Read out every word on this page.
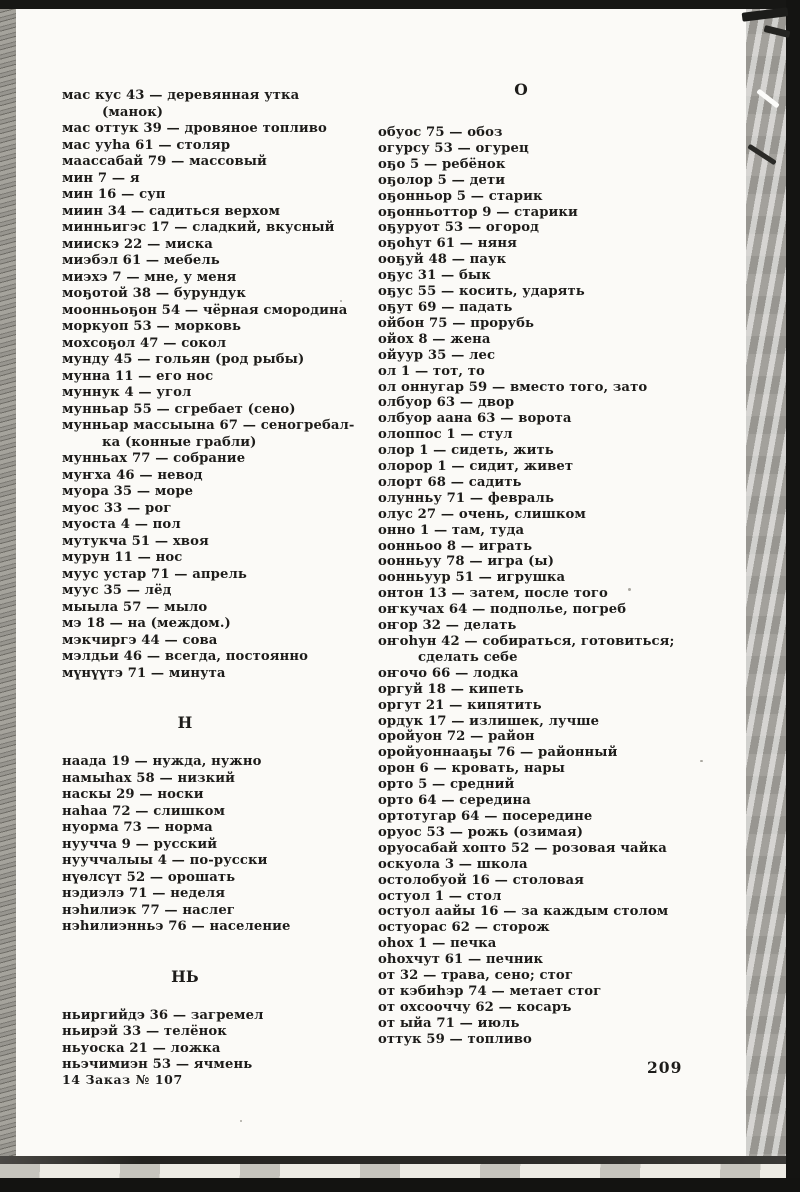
мас кус 43 — деревянная утка
(манок)
мас оттук 39 — дровяное топливо
мас ууһа 61 — столяр
маассабай 79 — массовый
мин 7 — я
мин 16 — суп
миин 34 — садиться верхом
минньигэс 17 — сладкий, вкусный
миискэ 22 — миска
миэбэл 61 — мебель
миэхэ 7 — мне, у меня
моҕотой 38 — бурундук
моонньоҕон 54 — чёрная смородина
моркуоп 53 — морковь
мохсоҕол 47 — сокол
мунду 45 — гольян (род рыбы)
мунна 11 — его нос
муннук 4 — угол
мунньар 55 — сгребает (сено)
мунньар массыына 67 — сеногребал-
ка (конные грабли)
мунньах 77 — собрание
муҥха 46 — невод
муора 35 — море
муос 33 — рог
муоста 4 — пол
мутукча 51 — хвоя
мурун 11 — нос
муус устар 71 — апрель
муус 35 — лёд
мыыла 57 — мыло
мэ 18 — на (междом.)
мэкчиргэ 44 — сова
мэлдьи 46 — всегда, постоянно
мүнүүтэ 71 — минута
Н
наада 19 — нужда, нужно
намыһах 58 — низкий
наскы 29 — носки
наһаа 72 — слишком
нуорма 73 — норма
нуучча 9 — русский
нууччалыы 4 — по-русски
нүөлсүт 52 — орошать
нэдиэлэ 71 — неделя
нэһилиэк 77 — наслег
нэһилиэнньэ 76 — население
НЬ
ньиргийдэ 36 — загремел
ньирэй 33 — телёнок
ньуоска 21 — ложка
ньэчимиэн 53 — ячмень
О
обуос 75 — обоз
огурсу 53 — огурец
оҕо 5 — ребёнок
оҕолор 5 — дети
оҕонньор 5 — старик
оҕонньоттор 9 — старики
оҕуруот 53 — огород
оҕоһут 61 — няня
ооҕуй 48 — паук
оҕус 31 — бык
оҕус 55 — косить, ударять
оҕут 69 — падать
ойбон 75 — прорубь
ойох 8 — жена
ойуур 35 — лес
ол 1 — тот, то
ол оннугар 59 — вместо того, зато
олбуор 63 — двор
олбуор аана 63 — ворота
олоппос 1 — стул
олор 1 — сидеть, жить
олорор 1 — сидит, живет
олорт 68 — садить
олунньу 71 — февраль
олус 27 — очень, слишком
онно 1 — там, туда
оонньоо 8 — играть
оонньуу 78 — игра (ы)
оонньуур 51 — игрушка
онтон 13 — затем, после того
оҥкучах 64 — подполье, погреб
оҥор 32 — делать
оҥоһун 42 — собираться, готовиться;
сделать себе
оҥочо 66 — лодка
оргуй 18 — кипеть
оргут 21 — кипятить
ордук 17 — излишек, лучше
оройуон 72 — район
оройуоннааҕы 76 — районный
орон 6 — кровать, нары
орто 5 — средний
орто 64 — середина
ортотугар 64 — посередине
оруос 53 — рожь (озимая)
оруосабай хопто 52 — розовая чайка
оскуола 3 — школа
остолобуой 16 — столовая
остуол 1 — стол
остуол аайы 16 — за каждым столом
остуорас 62 — сторож
оһох 1 — печка
оһохчут 61 — печник
от 32 — трава, сено; стог
от кэбиһэр 74 — метает стог
от охсооччу 62 — косаръ
от ыйа 71 — июль
оттук 59 — топливо
14 Заказ № 107
209
